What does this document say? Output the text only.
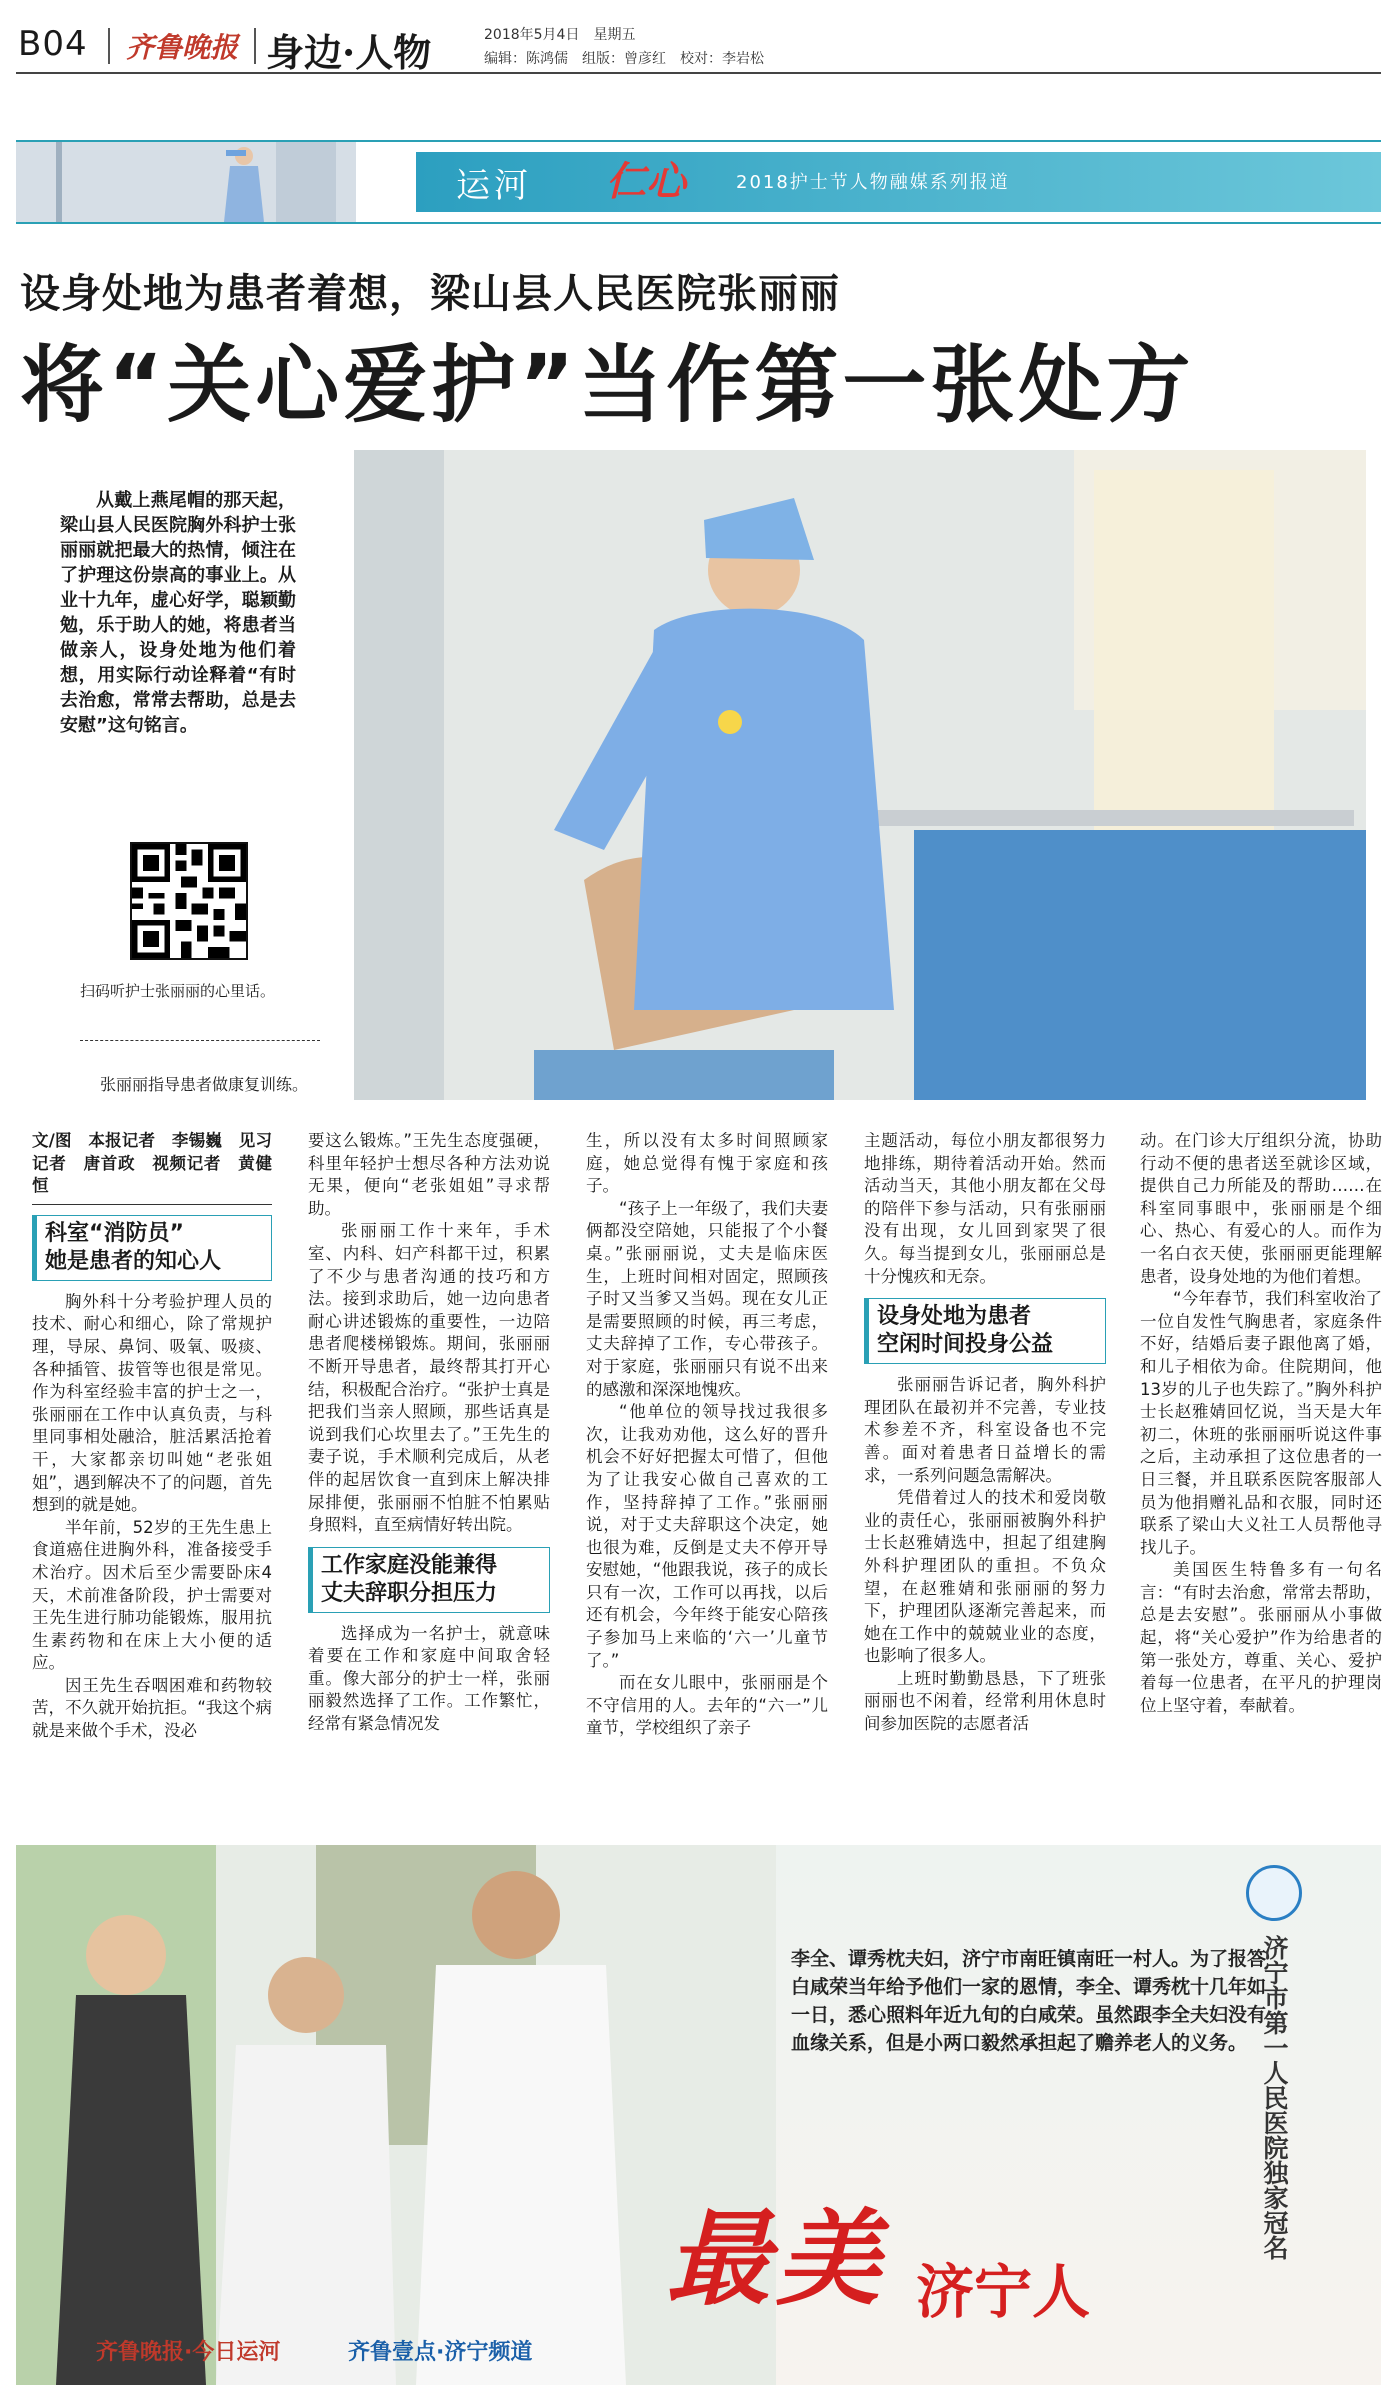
B04 齐鲁晚报 身边·人物	2018年5月4日　 星期五
编辑：陈鸿儒　 组版：曾彦红　 校对：李岩松
运河 仁心	2018护士节人物融媒系列报道
设身处地为患者着想，梁山县人民医院张丽丽
将“关心爱护”当作第一张处方
从戴上燕尾帽的那天起，梁山县人民医院胸外科护士张丽丽就把最大的热情，倾注在了护理这份崇高的事业上。从业十九年，虚心好学，聪颖勤勉，乐于助人的她，将患者当做亲人，设身处地为他们着想，用实际行动诠释着“有时去治愈，常常去帮助，总是去安慰”这句铭言。
扫码听护士张丽丽的心里话。
张丽丽指导患者做康复训练。
文/图　本报记者　李锡巍　见习记者　唐首政　视频记者　黄健恒
科室“消防员”
她是患者的知心人

胸外科十分考验护理人员的技术、耐心和细心，除了常规护理，导尿、鼻饲、吸氧、吸痰、各种插管、拔管等也很是常见。作为科室经验丰富的护士之一，张丽丽在工作中认真负责，与科里同事相处融洽，脏活累活抢着干，大家都亲切叫她“老张姐姐”，遇到解决不了的问题，首先想到的就是她。

半年前，52岁的王先生患上食道癌住进胸外科，准备接受手术治疗。因术后至少需要卧床4天，术前准备阶段，护士需要对王先生进行肺功能锻炼，服用抗生素药物和在床上大小便的适应。

因王先生吞咽困难和药物较苦，不久就开始抗拒。“我这个病就是来做个手术，没必

要这么锻炼。”王先生态度强硬，科里年轻护士想尽各种方法劝说无果，便向“老张姐姐”寻求帮助。

张丽丽工作十来年，手术室、内科、妇产科都干过，积累了不少与患者沟通的技巧和方法。接到求助后，她一边向患者耐心讲述锻炼的重要性，一边陪患者爬楼梯锻炼。期间，张丽丽不断开导患者，最终帮其打开心结，积极配合治疗。“张护士真是把我们当亲人照顾，那些话真是说到我们心坎里去了。”王先生的妻子说，手术顺利完成后，从老伴的起居饮食一直到床上解决排尿排便，张丽丽不怕脏不怕累贴身照料，直至病情好转出院。

工作家庭没能兼得
丈夫辞职分担压力

选择成为一名护士，就意味着要在工作和家庭中间取舍轻重。像大部分的护士一样，张丽丽毅然选择了工作。工作繁忙，经常有紧急情况发

生，所以没有太多时间照顾家庭，她总觉得有愧于家庭和孩子。

“孩子上一年级了，我们夫妻俩都没空陪她，只能报了个小餐桌。”张丽丽说，丈夫是临床医生，上班时间相对固定，照顾孩子时又当爹又当妈。现在女儿正是需要照顾的时候，再三考虑，丈夫辞掉了工作，专心带孩子。对于家庭，张丽丽只有说不出来的感激和深深地愧疚。

“他单位的领导找过我很多次，让我劝劝他，这么好的晋升机会不好好把握太可惜了，但他为了让我安心做自己喜欢的工作，坚持辞掉了工作。”张丽丽说，对于丈夫辞职这个决定，她也很为难，反倒是丈夫不停开导安慰她，“他跟我说，孩子的成长只有一次，工作可以再找，以后还有机会，今年终于能安心陪孩子参加马上来临的‘六一’儿童节了。”

而在女儿眼中，张丽丽是个不守信用的人。去年的“六一”儿童节，学校组织了亲子

主题活动，每位小朋友都很努力地排练，期待着活动开始。然而活动当天，其他小朋友都在父母的陪伴下参与活动，只有张丽丽没有出现，女儿回到家哭了很久。每当提到女儿，张丽丽总是十分愧疚和无奈。

设身处地为患者
空闲时间投身公益

张丽丽告诉记者，胸外科护理团队在最初并不完善，专业技术参差不齐，科室设备也不完善。面对着患者日益增长的需求，一系列问题急需解决。

凭借着过人的技术和爱岗敬业的责任心，张丽丽被胸外科护士长赵雅婧选中，担起了组建胸外科护理团队的重担。不负众望，在赵雅婧和张丽丽的努力下，护理团队逐渐完善起来，而她在工作中的兢兢业业的态度，也影响了很多人。

上班时勤勤恳恳，下了班张丽丽也不闲着，经常利用休息时间参加医院的志愿者活

动。在门诊大厅组织分流，协助行动不便的患者送至就诊区域，提供自己力所能及的帮助……在科室同事眼中，张丽丽是个细心、热心、有爱心的人。而作为一名白衣天使，张丽丽更能理解患者，设身处地的为他们着想。

“今年春节，我们科室收治了一位自发性气胸患者，家庭条件不好，结婚后妻子跟他离了婚，和儿子相依为命。住院期间，他13岁的儿子也失踪了。”胸外科护士长赵雅婧回忆说，当天是大年初二，休班的张丽丽听说这件事之后，主动承担了这位患者的一日三餐，并且联系医院客服部人员为他捐赠礼品和衣服，同时还联系了梁山大义社工人员帮他寻找儿子。

美国医生特鲁多有一句名言：“有时去治愈，常常去帮助，总是去安慰”。张丽丽从小事做起，将“关心爱护”作为给患者的第一张处方，尊重、关心、爱护着每一位患者，在平凡的护理岗位上坚守着，奉献着。

李全、谭秀枕夫妇，济宁市南旺镇南旺一村人。为了报答白咸荣当年给予他们一家的恩情，李全、谭秀枕十几年如一日，悉心照料年近九旬的白咸荣。虽然跟李全夫妇没有血缘关系，但是小两口毅然承担起了赡养老人的义务。 济宁市第一人民医院独家冠名
最美 济宁人
齐鲁晚报·今日运河	齐鲁壹点·济宁频道
